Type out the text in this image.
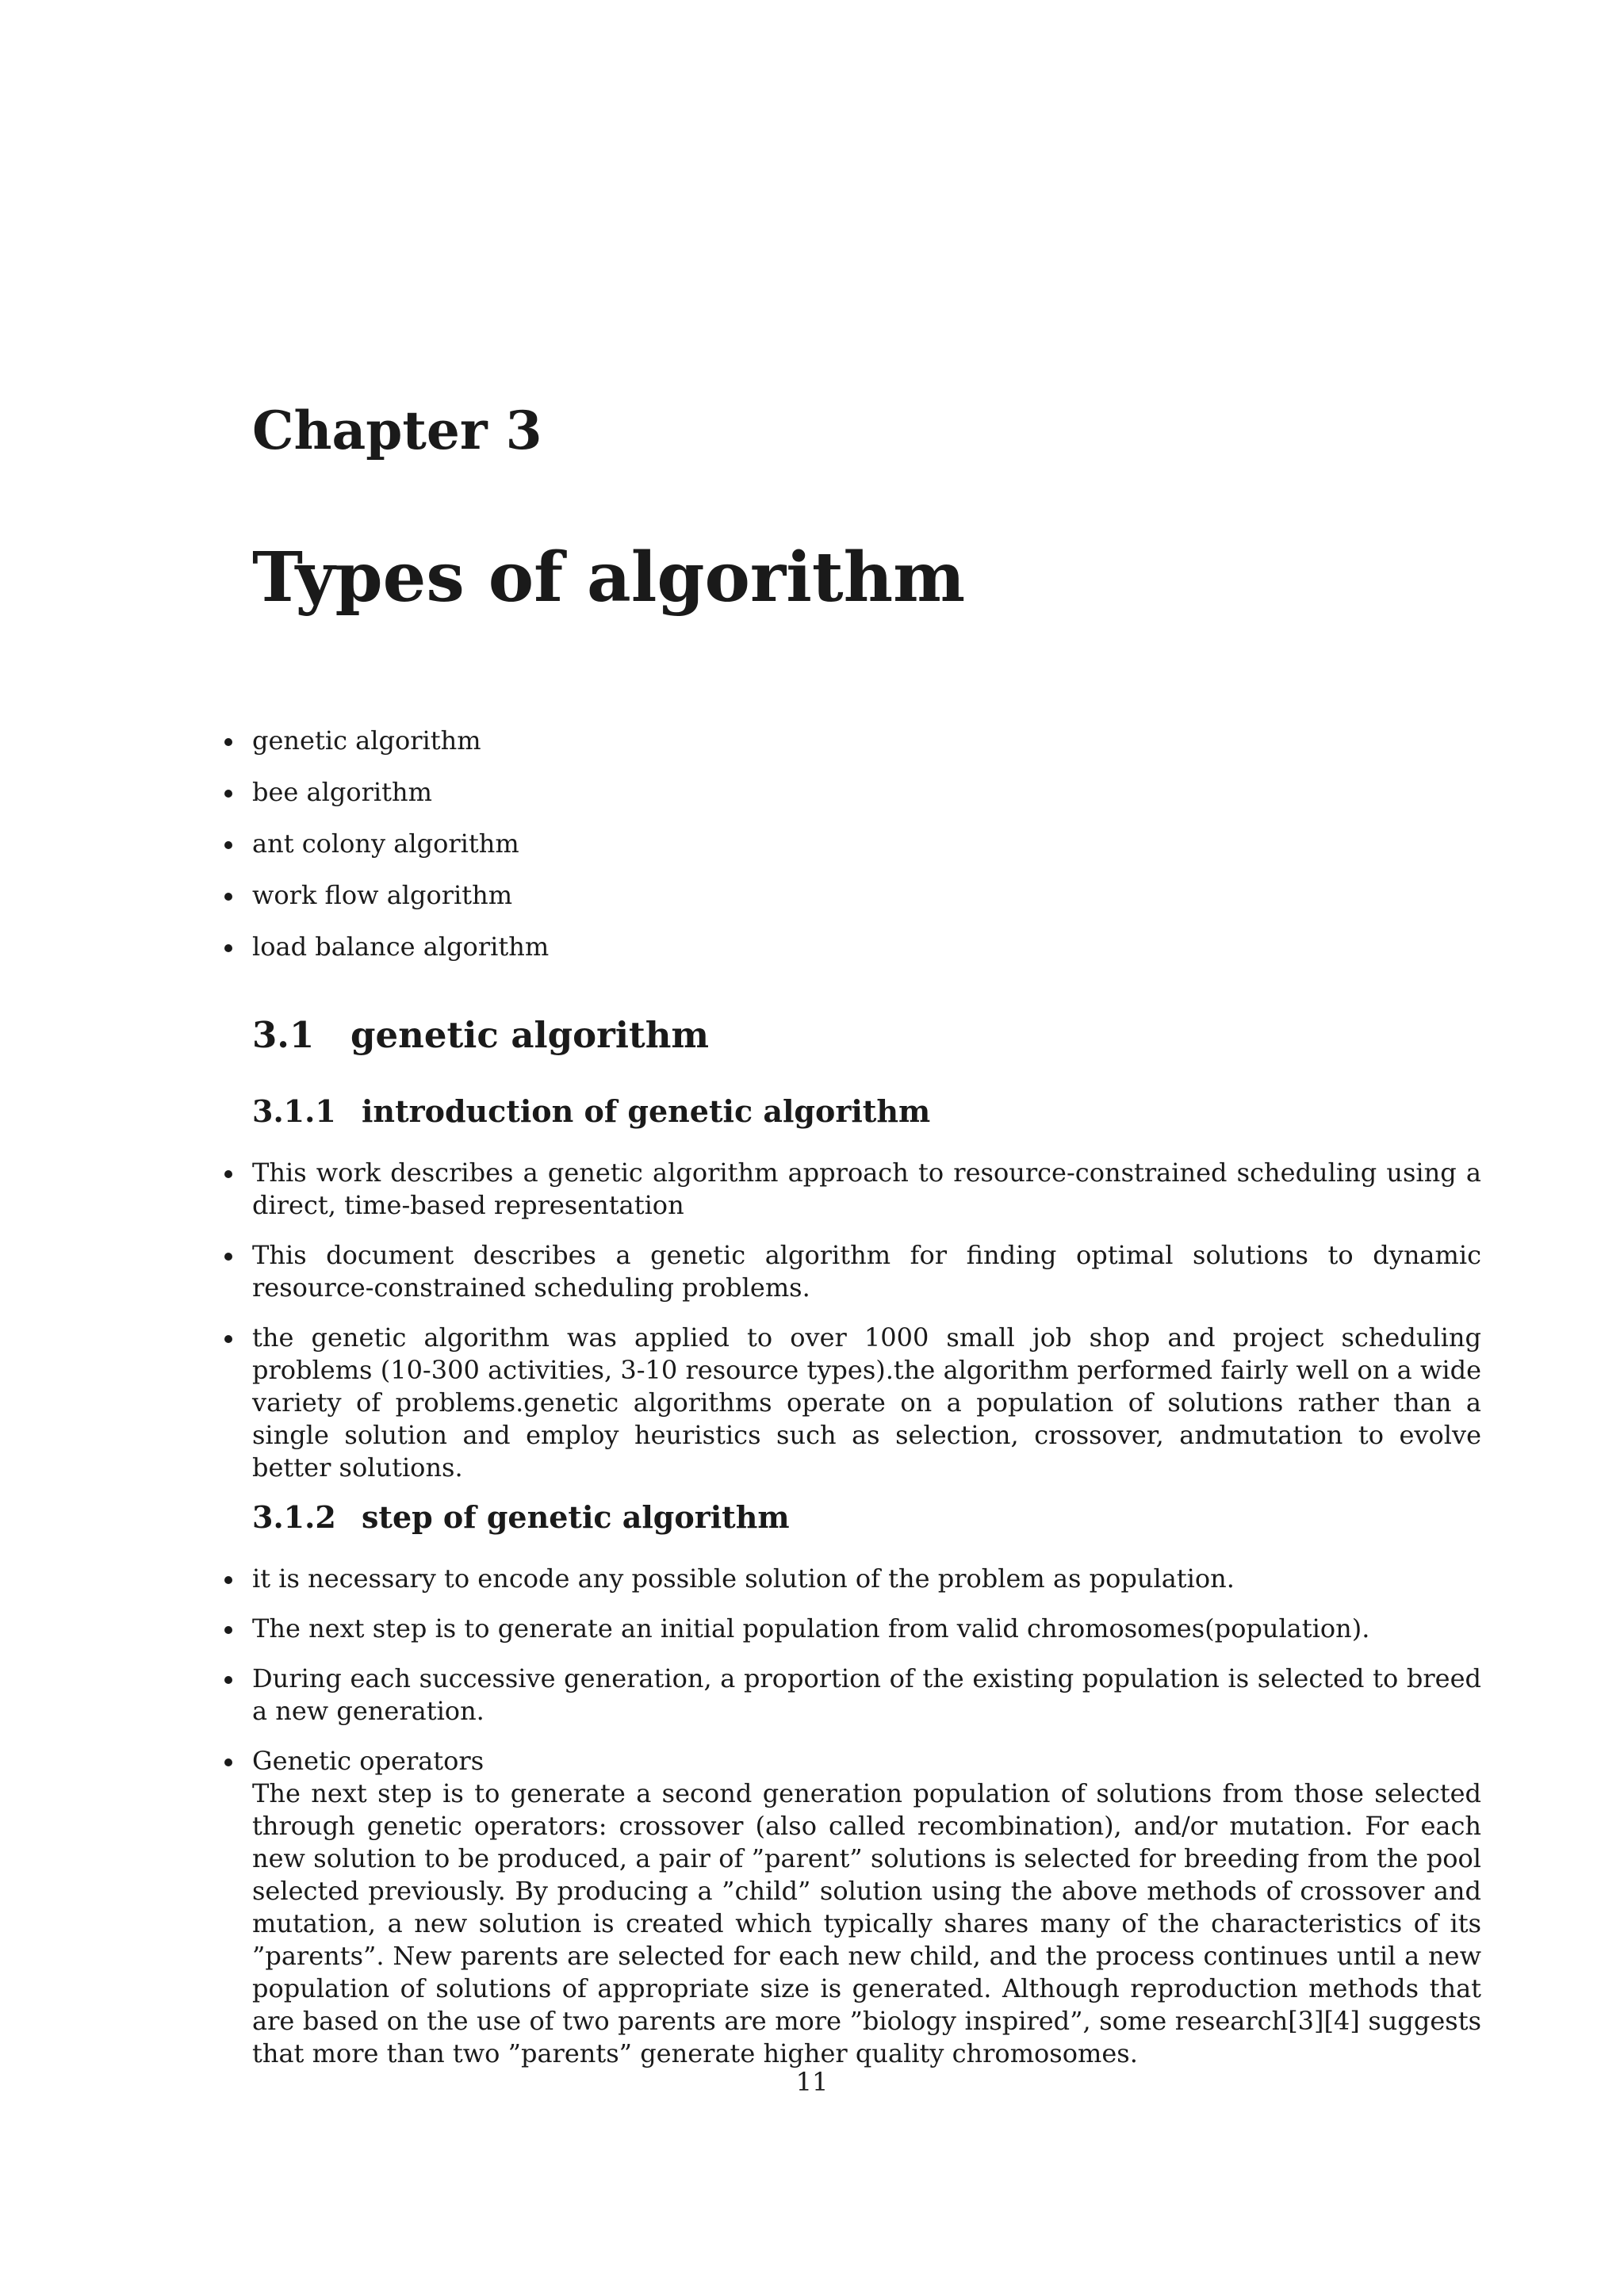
Chapter 3
Types of algorithm
genetic algorithm
bee algorithm
ant colony algorithm
work flow algorithm
load balance algorithm
3.1 genetic algorithm
3.1.1 introduction of genetic algorithm
This work describes a genetic algorithm approach to resource-constrained scheduling using a direct, time-based representation
This document describes a genetic algorithm for finding optimal solutions to dynamic resource-constrained scheduling problems.
the genetic algorithm was applied to over 1000 small job shop and project scheduling problems (10-300 activities, 3-10 resource types).the algorithm performed fairly well on a wide variety of problems.genetic algorithms operate on a population of solutions rather than a single solution and employ heuristics such as selection, crossover, andmutation to evolve better solutions.
3.1.2 step of genetic algorithm
it is necessary to encode any possible solution of the problem as population.
The next step is to generate an initial population from valid chromosomes(population).
During each successive generation, a proportion of the existing population is selected to breed a new generation.
Genetic operators
The next step is to generate a second generation population of solutions from those selected through genetic operators: crossover (also called recombination), and/or mutation. For each new solution to be produced, a pair of ”parent” solutions is selected for breeding from the pool selected previously. By producing a ”child” solution using the above methods of crossover and mutation, a new solution is created which typically shares many of the characteristics of its ”parents”. New parents are selected for each new child, and the process continues until a new population of solutions of appropriate size is generated. Although reproduction methods that are based on the use of two parents are more ”biology inspired”, some research[3][4] suggests that more than two ”parents” generate higher quality chromosomes.
11
